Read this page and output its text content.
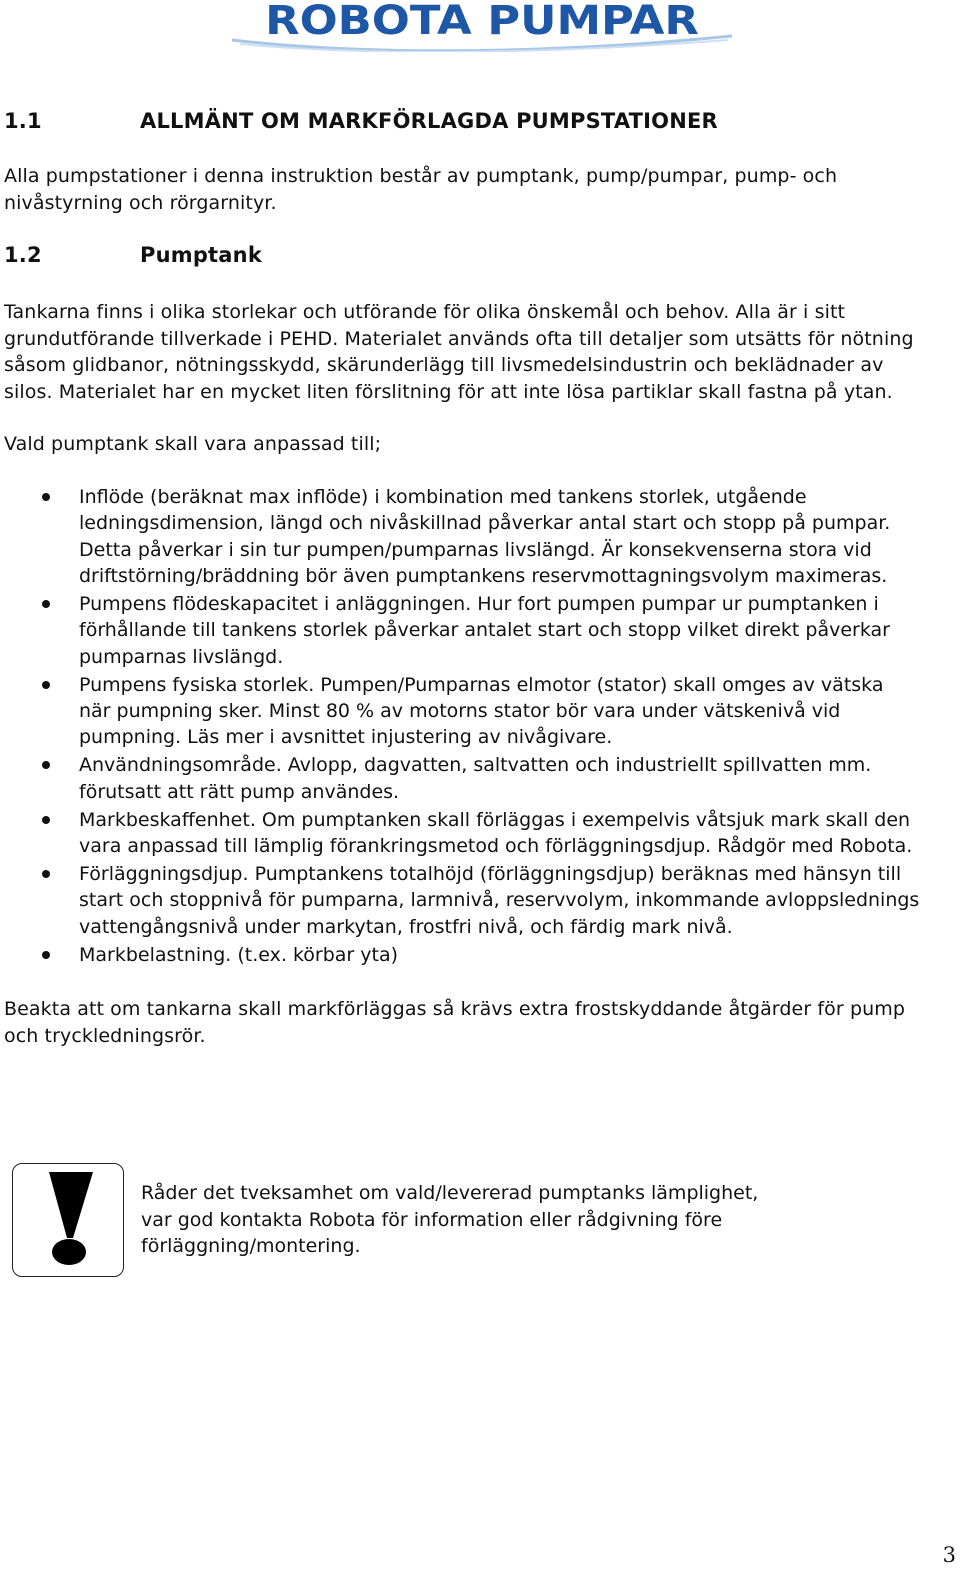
ROBOTA PUMPAR
1.1	ALLMÄNT OM MARKFÖRLAGDA PUMPSTATIONER
Alla pumpstationer i denna instruktion består av pumptank, pump/pumpar, pump- och
nivåstyrning och rörgarnityr.
1.2	Pumptank
Tankarna finns i olika storlekar och utförande för olika önskemål och behov. Alla är i sitt
grundutförande tillverkade i PEHD. Materialet används ofta till detaljer som utsätts för nötning
såsom glidbanor, nötningsskydd, skärunderlägg till livsmedelsindustrin och beklädnader av
silos. Materialet har en mycket liten förslitning för att inte lösa partiklar skall fastna på ytan.
Vald pumptank skall vara anpassad till;
Inflöde (beräknat max inflöde) i kombination med tankens storlek, utgående
ledningsdimension, längd och nivåskillnad påverkar antal start och stopp på pumpar.
Detta påverkar i sin tur pumpen/pumparnas livslängd. Är konsekvenserna stora vid
driftstörning/bräddning bör även pumptankens reservmottagningsvolym maximeras.
Pumpens flödeskapacitet i anläggningen. Hur fort pumpen pumpar ur pumptanken i
förhållande till tankens storlek påverkar antalet start och stopp vilket direkt påverkar
pumparnas livslängd.
Pumpens fysiska storlek. Pumpen/Pumparnas elmotor (stator) skall omges av vätska
när pumpning sker. Minst 80 % av motorns stator bör vara under vätskenivå vid
pumpning. Läs mer i avsnittet injustering av nivågivare.
Användningsområde. Avlopp, dagvatten, saltvatten och industriellt spillvatten mm.
förutsatt att rätt pump användes.
Markbeskaffenhet. Om pumptanken skall förläggas i exempelvis våtsjuk mark skall den
vara anpassad till lämplig förankringsmetod och förläggningsdjup. Rådgör med Robota.
Förläggningsdjup. Pumptankens totalhöjd (förläggningsdjup) beräknas med hänsyn till
start och stoppnivå för pumparna, larmnivå, reservvolym, inkommande avloppslednings
vattengångsnivå under markytan, frostfri nivå, och färdig mark nivå.
Markbelastning. (t.ex. körbar yta)
Beakta att om tankarna skall markförläggas så krävs extra frostskyddande åtgärder för pump
och tryckledningsrör.
Råder det tveksamhet om vald/levererad pumptanks lämplighet,
var god kontakta Robota för information eller rådgivning före
förläggning/montering.
3
